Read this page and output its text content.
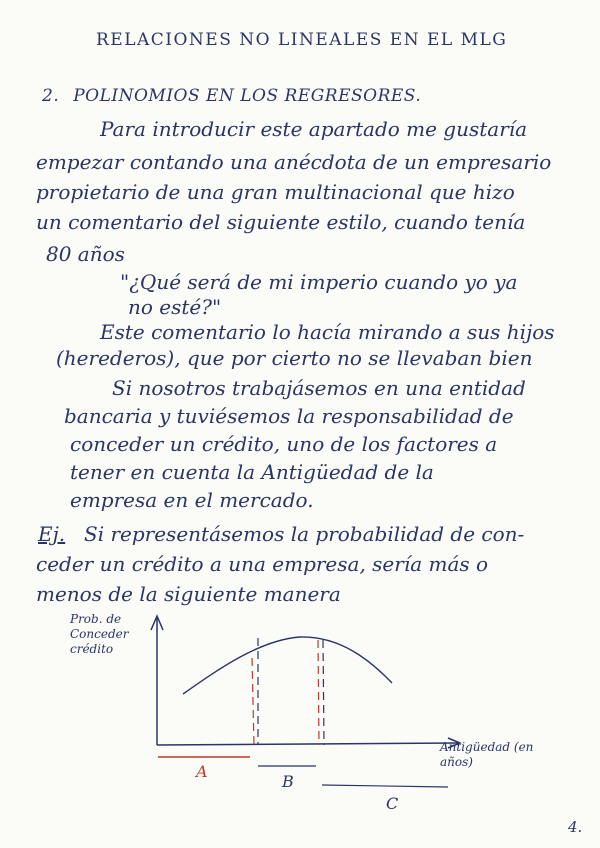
RELACIONES NO LINEALES EN EL MLG
2. POLINOMIOS EN LOS REGRESORES.
Para introducir este apartado me gustaría
empezar contando una anécdota de un empresario
propietario de una gran multinacional que hizo
un comentario del siguiente estilo, cuando tenía
80 años
"¿Qué será de mi imperio cuando yo ya
no esté?"
Este comentario lo hacía mirando a sus hijos
(herederos), que por cierto no se llevaban bien
Si nosotros trabajásemos en una entidad
bancaria y tuviésemos la responsabilidad de
conceder un crédito, uno de los factores a
tener en cuenta la Antigüedad de la
empresa en el mercado.
Ej. Si representásemos la probabilidad de con-
ceder un crédito a una empresa, sería más o
menos de la siguiente manera
Prob. de Conceder crédito
Antigüedad (en años)
A
B
C
4.
